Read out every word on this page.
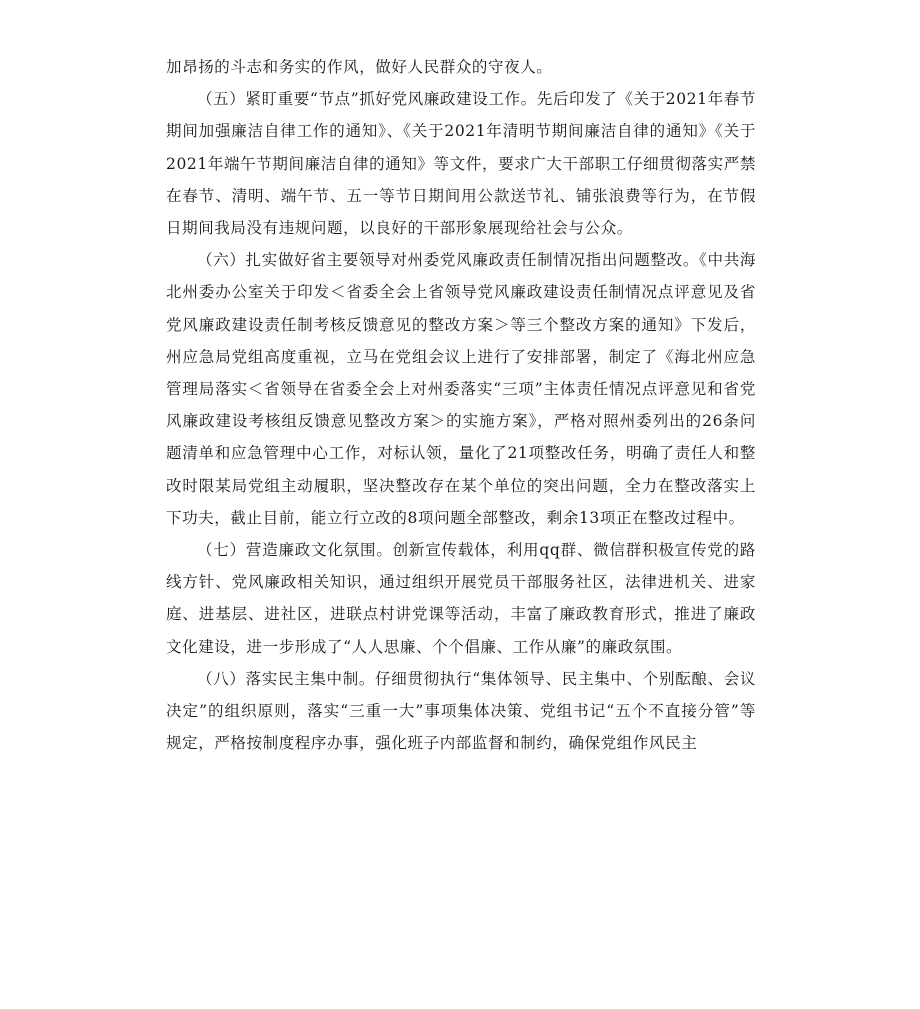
加昂扬的斗志和务实的作风，做好人民群众的守夜人。

（五）紧盯重要“节点”抓好党风廉政建设工作。先后印发了《关于2021年春节期间加强廉洁自律工作的通知》、《关于2021年清明节期间廉洁自律的通知》《关于2021年端午节期间廉洁自律的通知》等文件，要求广大干部职工仔细贯彻落实严禁在春节、清明、端午节、五一等节日期间用公款送节礼、铺张浪费等行为，在节假日期间我局没有违规问题，以良好的干部形象展现给社会与公众。

（六）扎实做好省主要领导对州委党风廉政责任制情况指出问题整改。《中共海北州委办公室关于印发＜省委全会上省领导党风廉政建设责任制情况点评意见及省党风廉政建设责任制考核反馈意见的整改方案＞等三个整改方案的通知》下发后，州应急局党组高度重视，立马在党组会议上进行了安排部署，制定了《海北州应急管理局落实＜省领导在省委全会上对州委落实“三项”主体责任情况点评意见和省党风廉政建设考核组反馈意见整改方案＞的实施方案》，严格对照州委列出的26条问题清单和应急管理中心工作，对标认领，量化了21项整改任务，明确了责任人和整改时限某局党组主动履职，坚决整改存在某个单位的突出问题，全力在整改落实上下功夫，截止目前，能立行立改的8项问题全部整改，剩余13项正在整改过程中。

（七）营造廉政文化氛围。创新宣传载体，利用qq群、微信群积极宣传党的路线方针、党风廉政相关知识，通过组织开展党员干部服务社区，法律进机关、进家庭、进基层、进社区，进联点村讲党课等活动，丰富了廉政教育形式，推进了廉政文化建设，进一步形成了“人人思廉、个个倡廉、工作从廉”的廉政氛围。

（八）落实民主集中制。仔细贯彻执行“集体领导、民主集中、个别酝酿、会议决定”的组织原则，落实“三重一大”事项集体决策、党组书记“五个不直接分管”等规定，严格按制度程序办事，强化班子内部监督和制约，确保党组作风民主
